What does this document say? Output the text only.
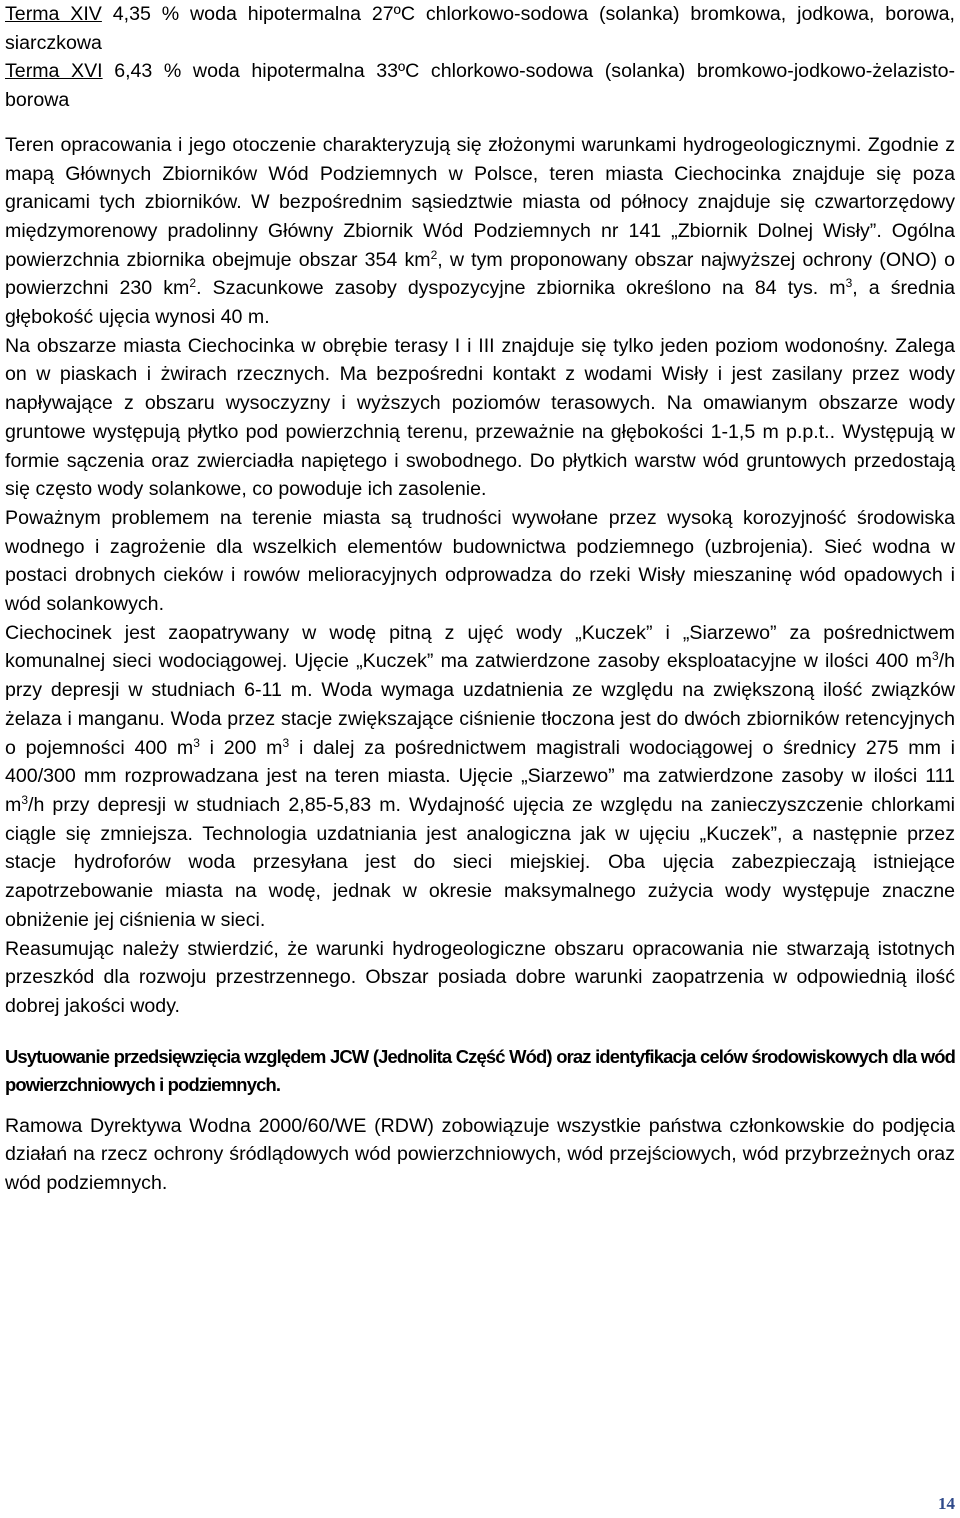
Terma XIV 4,35 % woda hipotermalna 27ºC chlorkowo-sodowa (solanka) bromkowa, jodkowa, borowa, siarczkowa

Terma XVI 6,43 % woda hipotermalna 33ºC chlorkowo-sodowa (solanka) bromkowo-jodkowo-żelazisto-borowa

Teren opracowania i jego otoczenie charakteryzują się złożonymi warunkami hydrogeologicznymi. Zgodnie z mapą Głównych Zbiorników Wód Podziemnych w Polsce, teren miasta Ciechocinka znajduje się poza granicami tych zbiorników. W bezpośrednim sąsiedztwie miasta od północy znajduje się czwartorzędowy międzymorenowy pradolinny Główny Zbiornik Wód Podziemnych nr 141 „Zbiornik Dolnej Wisły”. Ogólna powierzchnia zbiornika obejmuje obszar 354 $km^2$, w tym proponowany obszar najwyższej ochrony (ONO) o powierzchni 230 $km^2$. Szacunkowe zasoby dyspozycyjne zbiornika określono na 84 tys. $m^3$, a średnia głębokość ujęcia wynosi 40 m.

Na obszarze miasta Ciechocinka w obrębie terasy I i III znajduje się tylko jeden poziom wodonośny. Zalega on w piaskach i żwirach rzecznych. Ma bezpośredni kontakt z wodami Wisły i jest zasilany przez wody napływające z obszaru wysoczyzny i wyższych poziomów terasowych. Na omawianym obszarze wody gruntowe występują płytko pod powierzchnią terenu, przeważnie na głębokości 1-1,5 m p.p.t.. Występują w formie sączenia oraz zwierciadła napiętego i swobodnego. Do płytkich warstw wód gruntowych przedostają się często wody solankowe, co powoduje ich zasolenie.

Poważnym problemem na terenie miasta są trudności wywołane przez wysoką korozyjność środowiska wodnego i zagrożenie dla wszelkich elementów budownictwa podziemnego (uzbrojenia). Sieć wodna w postaci drobnych cieków i rowów melioracyjnych odprowadza do rzeki Wisły mieszaninę wód opadowych i wód solankowych.

Ciechocinek jest zaopatrywany w wodę pitną z ujęć wody „Kuczek” i „Siarzewo” za pośrednictwem komunalnej sieci wodociągowej. Ujęcie „Kuczek” ma zatwierdzone zasoby eksploatacyjne w ilości 400 $m^3/h$ przy depresji w studniach 6-11 m. Woda wymaga uzdatnienia ze względu na zwiększoną ilość związków żelaza i manganu. Woda przez stacje zwiększające ciśnienie tłoczona jest do dwóch zbiorników retencyjnych o pojemności 400 $m^3$ i 200 $m^3$ i dalej za pośrednictwem magistrali wodociągowej o średnicy 275 mm i 400/300 mm rozprowadzana jest na teren miasta. Ujęcie „Siarzewo” ma zatwierdzone zasoby w ilości 111 $m^3/h$ przy depresji w studniach 2,85-5,83 m. Wydajność ujęcia ze względu na zanieczyszczenie chlorkami ciągle się zmniejsza. Technologia uzdatniania jest analogiczna jak w ujęciu „Kuczek”, a następnie przez stacje hydroforów woda przesyłana jest do sieci miejskiej. Oba ujęcia zabezpieczają istniejące zapotrzebowanie miasta na wodę, jednak w okresie maksymalnego zużycia wody występuje znaczne obniżenie jej ciśnienia w sieci.

Reasumując należy stwierdzić, że warunki hydrogeologiczne obszaru opracowania nie stwarzają istotnych przeszkód dla rozwoju przestrzennego. Obszar posiada dobre warunki zaopatrzenia w odpowiednią ilość dobrej jakości wody.

Usytuowanie przedsięwzięcia względem JCW (Jednolita Część Wód) oraz identyfikacja celów środowiskowych dla wód powierzchniowych i podziemnych.

Ramowa Dyrektywa Wodna 2000/60/WE (RDW) zobowiązuje wszystkie państwa członkowskie do podjęcia działań na rzecz ochrony śródlądowych wód powierzchniowych, wód przejściowych, wód przybrzeżnych oraz wód podziemnych.

14
